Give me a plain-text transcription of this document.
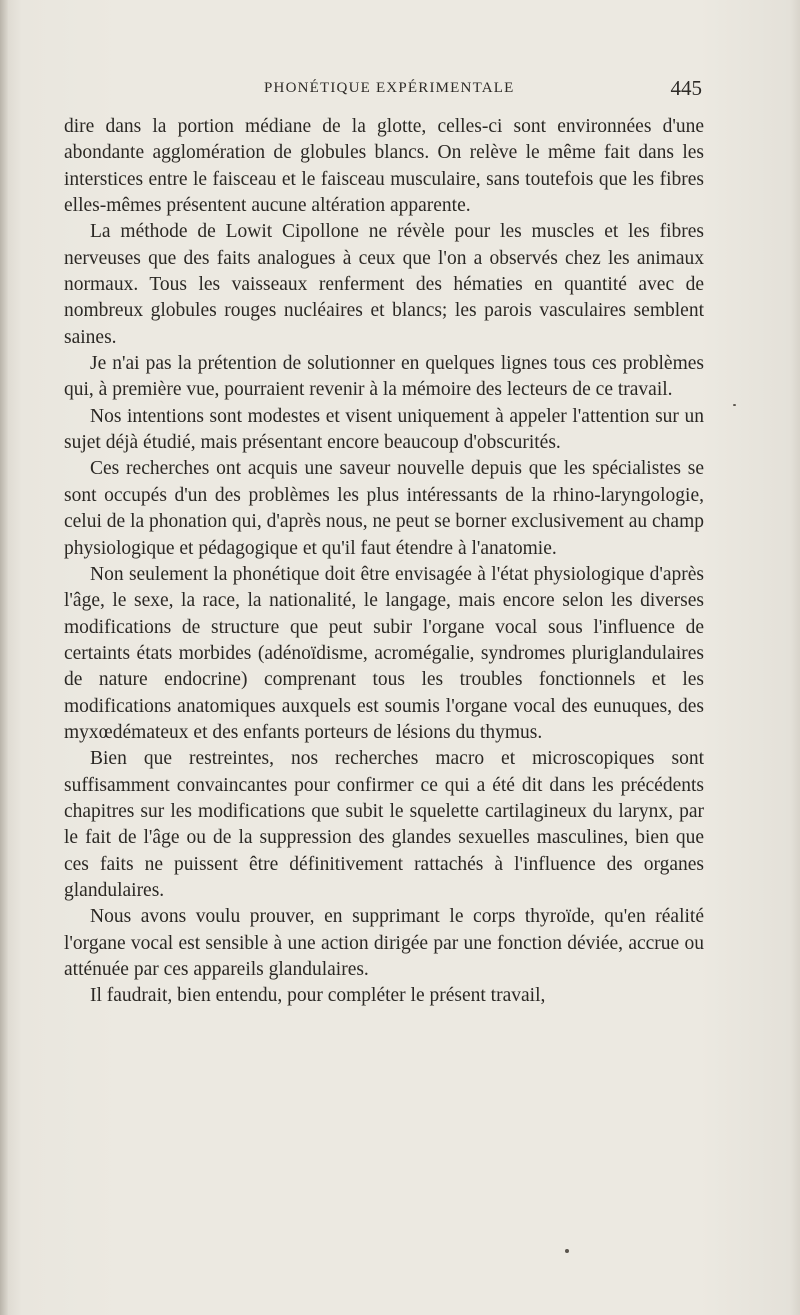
PHONÉTIQUE EXPÉRIMENTALE	445

dire dans la portion médiane de la glotte, celles-ci sont environnées d'une abondante agglomération de globules blancs. On relève le même fait dans les interstices entre le faisceau et le faisceau musculaire, sans toutefois que les fibres elles-mêmes présentent aucune altération apparente.

La méthode de Lowit Cipollone ne révèle pour les muscles et les fibres nerveuses que des faits analogues à ceux que l'on a observés chez les animaux normaux. Tous les vaisseaux renferment des hématies en quantité avec de nombreux globules rouges nucléaires et blancs; les parois vasculaires semblent saines.

Je n'ai pas la prétention de solutionner en quelques lignes tous ces problèmes qui, à première vue, pourraient revenir à la mémoire des lecteurs de ce travail.

Nos intentions sont modestes et visent uniquement à appeler l'attention sur un sujet déjà étudié, mais présentant encore beaucoup d'obscurités.

Ces recherches ont acquis une saveur nouvelle depuis que les spécialistes se sont occupés d'un des problèmes les plus intéressants de la rhino-laryngologie, celui de la phonation qui, d'après nous, ne peut se borner exclusivement au champ physiologique et pédagogique et qu'il faut étendre à l'anatomie.

Non seulement la phonétique doit être envisagée à l'état physiologique d'après l'âge, le sexe, la race, la nationalité, le langage, mais encore selon les diverses modifications de structure que peut subir l'organe vocal sous l'influence de certaints états morbides (adénoïdisme, acromégalie, syndromes pluriglandulaires de nature endocrine) comprenant tous les troubles fonctionnels et les modifications anatomiques auxquels est soumis l'organe vocal des eunuques, des myxœdémateux et des enfants porteurs de lésions du thymus.

Bien que restreintes, nos recherches macro et microscopiques sont suffisamment convaincantes pour confirmer ce qui a été dit dans les précédents chapitres sur les modifications que subit le squelette cartilagineux du larynx, par le fait de l'âge ou de la suppression des glandes sexuelles masculines, bien que ces faits ne puissent être définitivement rattachés à l'influence des organes glandulaires.

Nous avons voulu prouver, en supprimant le corps thyroïde, qu'en réalité l'organe vocal est sensible à une action dirigée par une fonction déviée, accrue ou atténuée par ces appareils glandulaires.

Il faudrait, bien entendu, pour compléter le présent travail,
